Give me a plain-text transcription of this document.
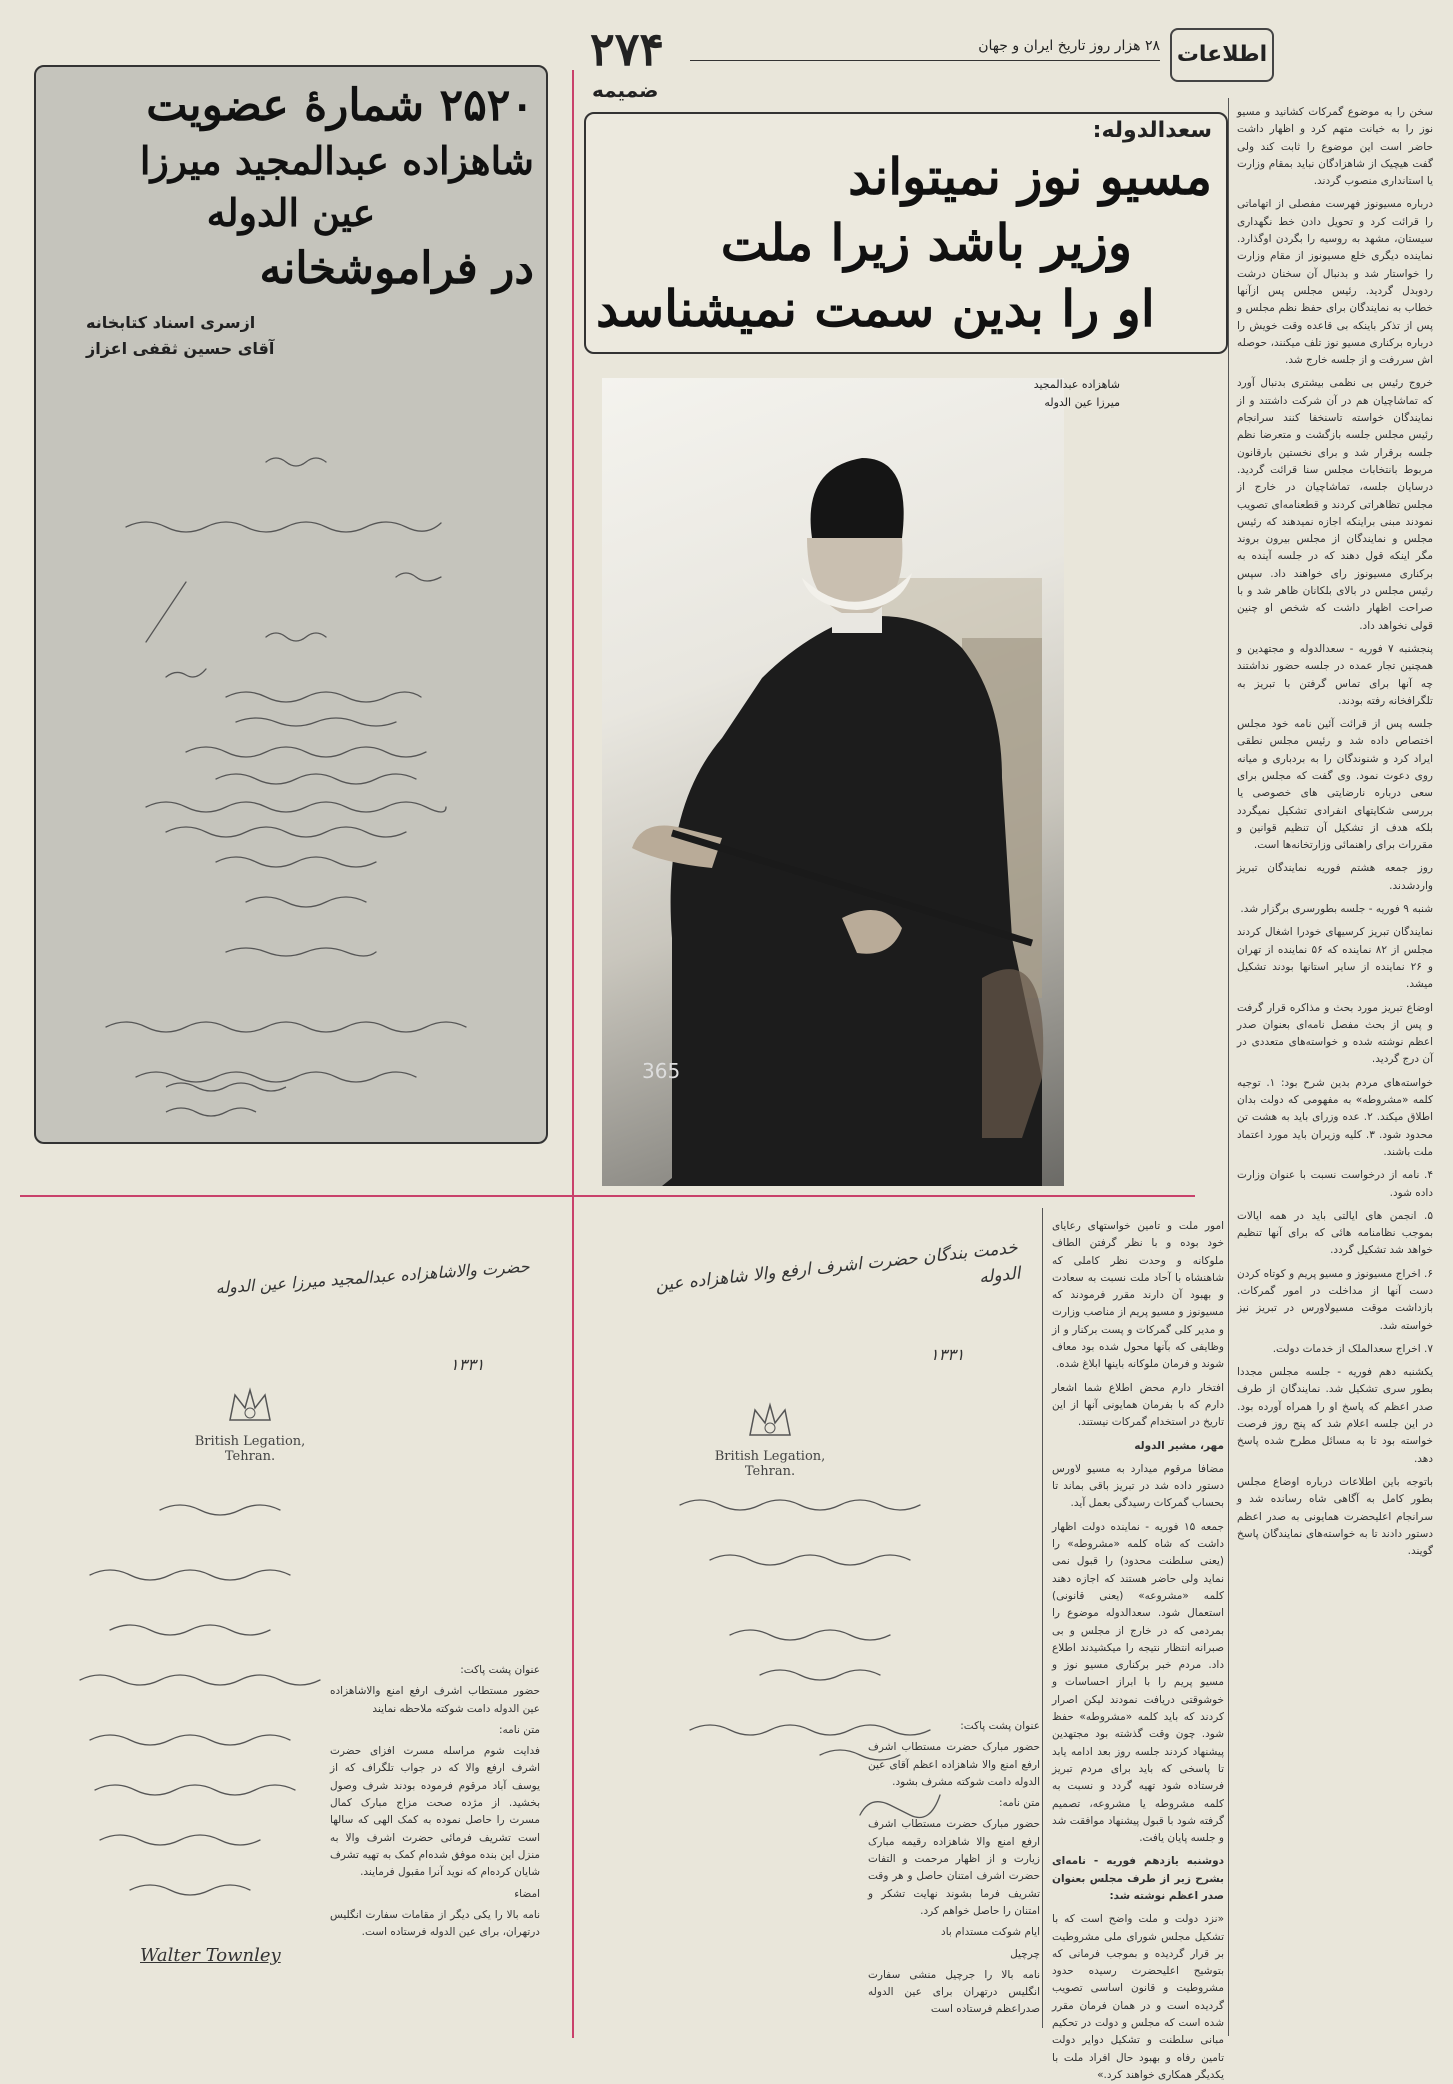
۲۷۴
ضمیمه
۲۸ هزار روز تاریخ ایران و جهان اطلاعات
۲۵۲۰ شمارهٔ عضویت
شاهزاده عبدالمجید میرزا
عین الدوله
در فراموشخانه
ازسری اسناد کتابخانه
آقای حسین ثقفی اعزاز
سعدالدوله:
مسیو نوز نمیتواند
وزیر باشد زیرا ملت
او را بدین سمت نمیشناسد
365
شاهزاده عبدالمجید میرزا عین الدوله

سخن را به موضوع گمرکات کشانید و مسیو نوز را به خیانت متهم کرد و اظهار داشت حاضر است این موضوع را ثابت کند ولی گفت هیچیک از شاهزادگان نباید بمقام وزارت یا استانداری منصوب گردند.

درباره مسیونوز فهرست مفصلی از اتهاماتی را قرائت کرد و تحویل دادن خط نگهداری سیستان، مشهد به روسیه را بگردن اوگذارد. نماینده دیگری خلع مسیونوز از مقام وزارت را خواستار شد و بدنبال آن سخنان درشت ردوبدل گردید. رئیس مجلس پس ازآنها خطاب به نمایندگان برای حفظ نظم مجلس و پس از تذکر باینکه بی قاعده وقت خویش را درباره برکناری مسیو نوز تلف میکنند، حوصله اش سررفت و از جلسه خارج شد.

خروج رئیس بی نظمی بیشتری بدنبال آورد که تماشاچیان هم در آن شرکت داشتند و از نمایندگان خواسته تاسنخفا کنند سرانجام رئیس مجلس جلسه بازگشت و متعرضا نظم جلسه برقرار شد و برای نخستین بارقانون مربوط بانتخابات مجلس سنا قرائت گردید. درسایان جلسه، تماشاچیان در خارج از مجلس تظاهراتی کردند و قطعنامه‌ای تصویب نمودند مبنی براینکه اجازه نمیدهند که رئیس مجلس و نمایندگان از مجلس بیرون بروند مگر اینکه قول دهند که در جلسه آینده به برکناری مسیونوز رای خواهند داد. سپس رئیس مجلس در بالای بلکانان ظاهر شد و با صراحت اظهار داشت که شخص او چنین قولی نخواهد داد.

پنجشنبه ۷ فوریه - سعدالدوله و مجتهدین و همچنین تجار عمده در جلسه حضور نداشتند چه آنها برای تماس گرفتن با تبریز به تلگرافخانه رفته بودند.

جلسه پس از قرائت آئین نامه خود مجلس اختصاص داده شد و رئیس مجلس نطقی ایراد کرد و شنوندگان را به بردباری و میانه روی دعوت نمود. وی گفت که مجلس برای سعی درباره نارضایتی های خصوصی یا بررسی شکایتهای انفرادی تشکیل نمیگردد بلکه هدف از تشکیل آن تنظیم قوانین و مقررات برای راهنمائی وزارتخانه‌ها است.

روز جمعه هشتم فوریه نمایندگان تبریز واردشدند.

شنبه ۹ فوریه - جلسه بطورسری برگزار شد.

نمایندگان تبریز کرسیهای خودرا اشغال کردند مجلس از ۸۲ نماینده که ۵۶ نماینده از تهران و ۲۶ نماینده از سایر استانها بودند تشکیل میشد.

اوضاع تبریز مورد بحث و مذاکره قرار گرفت و پس از بحث مفصل نامه‌ای بعنوان صدر اعظم نوشته شده و خواسته‌های متعددی در آن درج گردید.

خواسته‌های مردم بدین شرح بود: ۱. توجیه کلمه «مشروطه» به مفهومی که دولت بدان اطلاق میکند. ۲. عده وزرای باید به هشت تن محدود شود. ۳. کلیه وزیران باید مورد اعتماد ملت باشند.

۴. نامه از درخواست نسبت با عنوان وزارت داده شود.

۵. انجمن های ایالتی باید در همه ایالات بموجب نظامنامه هائی که برای آنها تنظیم خواهد شد تشکیل گردد.

۶. اخراج مسیونوز و مسیو پریم و کوتاه کردن دست آنها از مداخلت در امور گمرکات. بازداشت موقت مسیولاورس در تبریز نیز خواسته شد.

۷. اخراج سعدالملک از خدمات دولت.

یکشنبه دهم فوریه - جلسه مجلس مجددا بطور سری تشکیل شد. نمایندگان از طرف صدر اعظم که پاسخ او را همراه آورده بود. در این جلسه اعلام شد که پنج روز فرصت خواسته بود تا به مسائل مطرح شده پاسخ دهد.

باتوجه باین اطلاعات درباره اوضاع مجلس بطور کامل به آگاهی شاه رسانده شد و سرانجام اعلیحضرت همایونی به صدر اعظم دستور دادند تا به خواسته‌های نمایندگان پاسخ گویند.

امور ملت و تامین خواستهای رعایای خود بوده و با نظر گرفتن الطاف ملوکانه و وحدت نظر کاملی که شاهنشاه با آحاد ملت نسبت به سعادت و بهبود آن دارند مقرر فرمودند که مسیونوز و مسیو پریم از مناصب وزارت و مدیر کلی گمرکات و پست برکنار و از وظایفی که بآنها محول شده بود معاف شوند و فرمان ملوکانه باینها ابلاغ شده.

افتخار دارم محض اطلاع شما اشعار دارم که با بفرمان همایونی آنها از این تاریخ در استخدام گمرکات نیستند.

مهر، مشیر الدوله

مضافا مرقوم میدارد به مسیو لاورس دستور داده شد در تبریز باقی بماند تا بحساب گمرکات رسیدگی بعمل آید.

جمعه ۱۵ فوریه - نماینده دولت اظهار داشت که شاه کلمه «مشروطه» را (یعنی سلطنت محدود) را قبول نمی نماید ولی حاضر هستند که اجازه دهند کلمه «مشروعه» (یعنی قانونی) استعمال شود. سعدالدوله موضوع را بمردمی که در خارج از مجلس و بی صبرانه انتظار نتیجه را میکشیدند اطلاع داد. مردم خبر برکناری مسیو نوز و مسیو پریم را با ابراز احساسات و خوشوقتی دریافت نمودند لیکن اصرار کردند که باید کلمه «مشروطه» حفظ شود. چون وقت گذشته بود مجتهدین پیشنهاد کردند جلسه روز بعد ادامه یابد تا پاسخی که باید برای مردم تبریز فرستاده شود تهیه گردد و نسبت به کلمه مشروطه یا مشروعه، تصمیم گرفته شود با قبول پیشنهاد موافقت شد و جلسه پایان یافت.

دوشنبه یازدهم فوریه - نامه‌ای بشرح زیر از طرف مجلس بعنوان صدر اعظم نوشته شد:

«نزد دولت و ملت واضح است که با تشکیل مجلس شورای ملی مشروطیت بر قرار گردیده و بموجب فرمانی که بتوشیح اعلیحضرت رسیده حدود مشروطیت و قانون اساسی تصویب گردیده است و در همان فرمان مقرر شده است که مجلس و دولت در تحکیم مبانی سلطنت و تشکیل دوایر دولت تامین رفاه و بهبود حال افراد ملت با یکدیگر همکاری خواهند کرد.»

خدمت بندگان حضرت اشرف ارفع والا شاهزاده عین الدوله
۱۳۳۱
British Legation, Tehran.

عنوان پشت پاکت:

حضور مبارک حضرت مستطاب اشرف ارفع امنع والا شاهزاده اعظم آقای عین الدوله دامت شوکته مشرف بشود.

متن نامه:

حضور مبارک حضرت مستطاب اشرف ارفع امنع والا شاهزاده رقیمه مبارک زیارت و از اظهار مرحمت و التفات حضرت اشرف امتنان حاصل و هر وقت تشریف فرما بشوند نهایت تشکر و امتنان را حاصل خواهم کرد.

ایام شوکت مستدام باد

چرچیل

نامه بالا را جرچیل منشی سفارت انگلیس درتهران برای عین الدوله صدراعظم فرستاده است

حضرت والاشاهزاده عبدالمجید میرزا عین الدوله
۱۳۳۱
British Legation, Tehran.
Walter Townley

عنوان پشت پاکت:

حضور مستطاب اشرف ارفع امنع والاشاهزاده عین الدوله دامت شوکته ملاحظه نمایند

متن نامه:

فدایت شوم مراسله مسرت افزای حضرت اشرف ارفع والا که در جواب تلگراف که از یوسف آباد مرقوم فرموده بودند شرف وصول بخشید. از مژده صحت مزاج مبارک کمال مسرت را حاصل نموده به کمک الهی که سالها است تشریف فرمائی حضرت اشرف والا به منزل این بنده موفق شده‌ام کمک به تهیه تشرف شایان کرده‌ام که نوید آنرا مقبول فرمایند.

امضاء

نامه بالا را یکی دیگر از مقامات سفارت انگلیس درتهران، برای عین الدوله فرستاده است.
